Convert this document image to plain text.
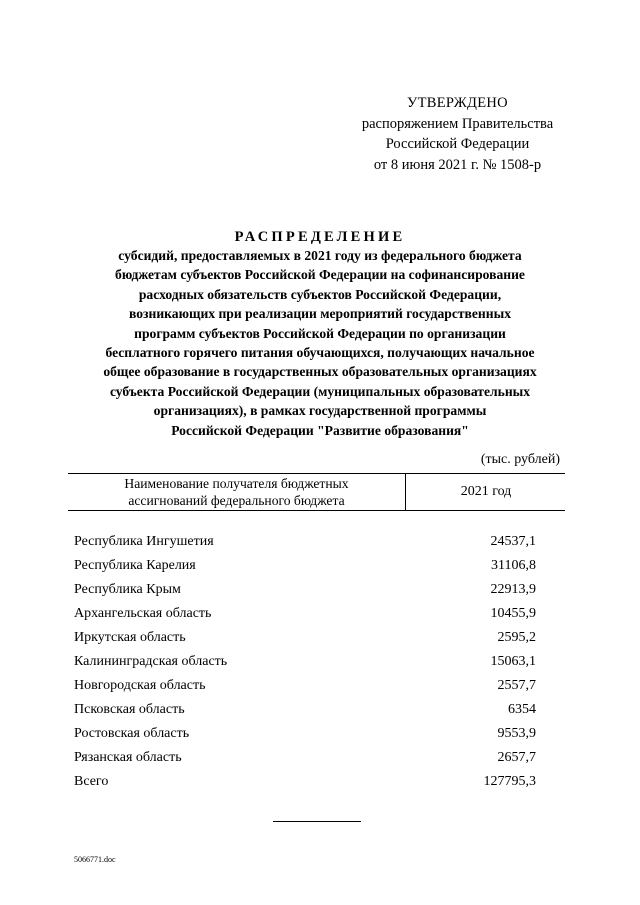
УТВЕРЖДЕНО
распоряжением Правительства
Российской Федерации
от 8 июня 2021 г. № 1508-р
РАСПРЕДЕЛЕНИЕ
субсидий, предоставляемых в 2021 году из федерального бюджета
бюджетам субъектов Российской Федерации на софинансирование
расходных обязательств субъектов Российской Федерации,
возникающих при реализации мероприятий государственных
программ субъектов Российской Федерации по организации
бесплатного горячего питания обучающихся, получающих начальное
общее образование в государственных образовательных организациях
субъекта Российской Федерации (муниципальных образовательных
организациях), в рамках государственной программы
Российской Федерации "Развитие образования"
(тыс. рублей)
Наименование получателя бюджетных
ассигнований федерального бюджета
2021 год
Республика Ингушетия	24537,1
Республика Карелия	31106,8
Республика Крым	22913,9
Архангельская область	10455,9
Иркутская область	2595,2
Калининградская область	15063,1
Новгородская область	2557,7
Псковская область	6354
Ростовская область	9553,9
Рязанская область	2657,7
Всего	127795,3
5066771.doc
